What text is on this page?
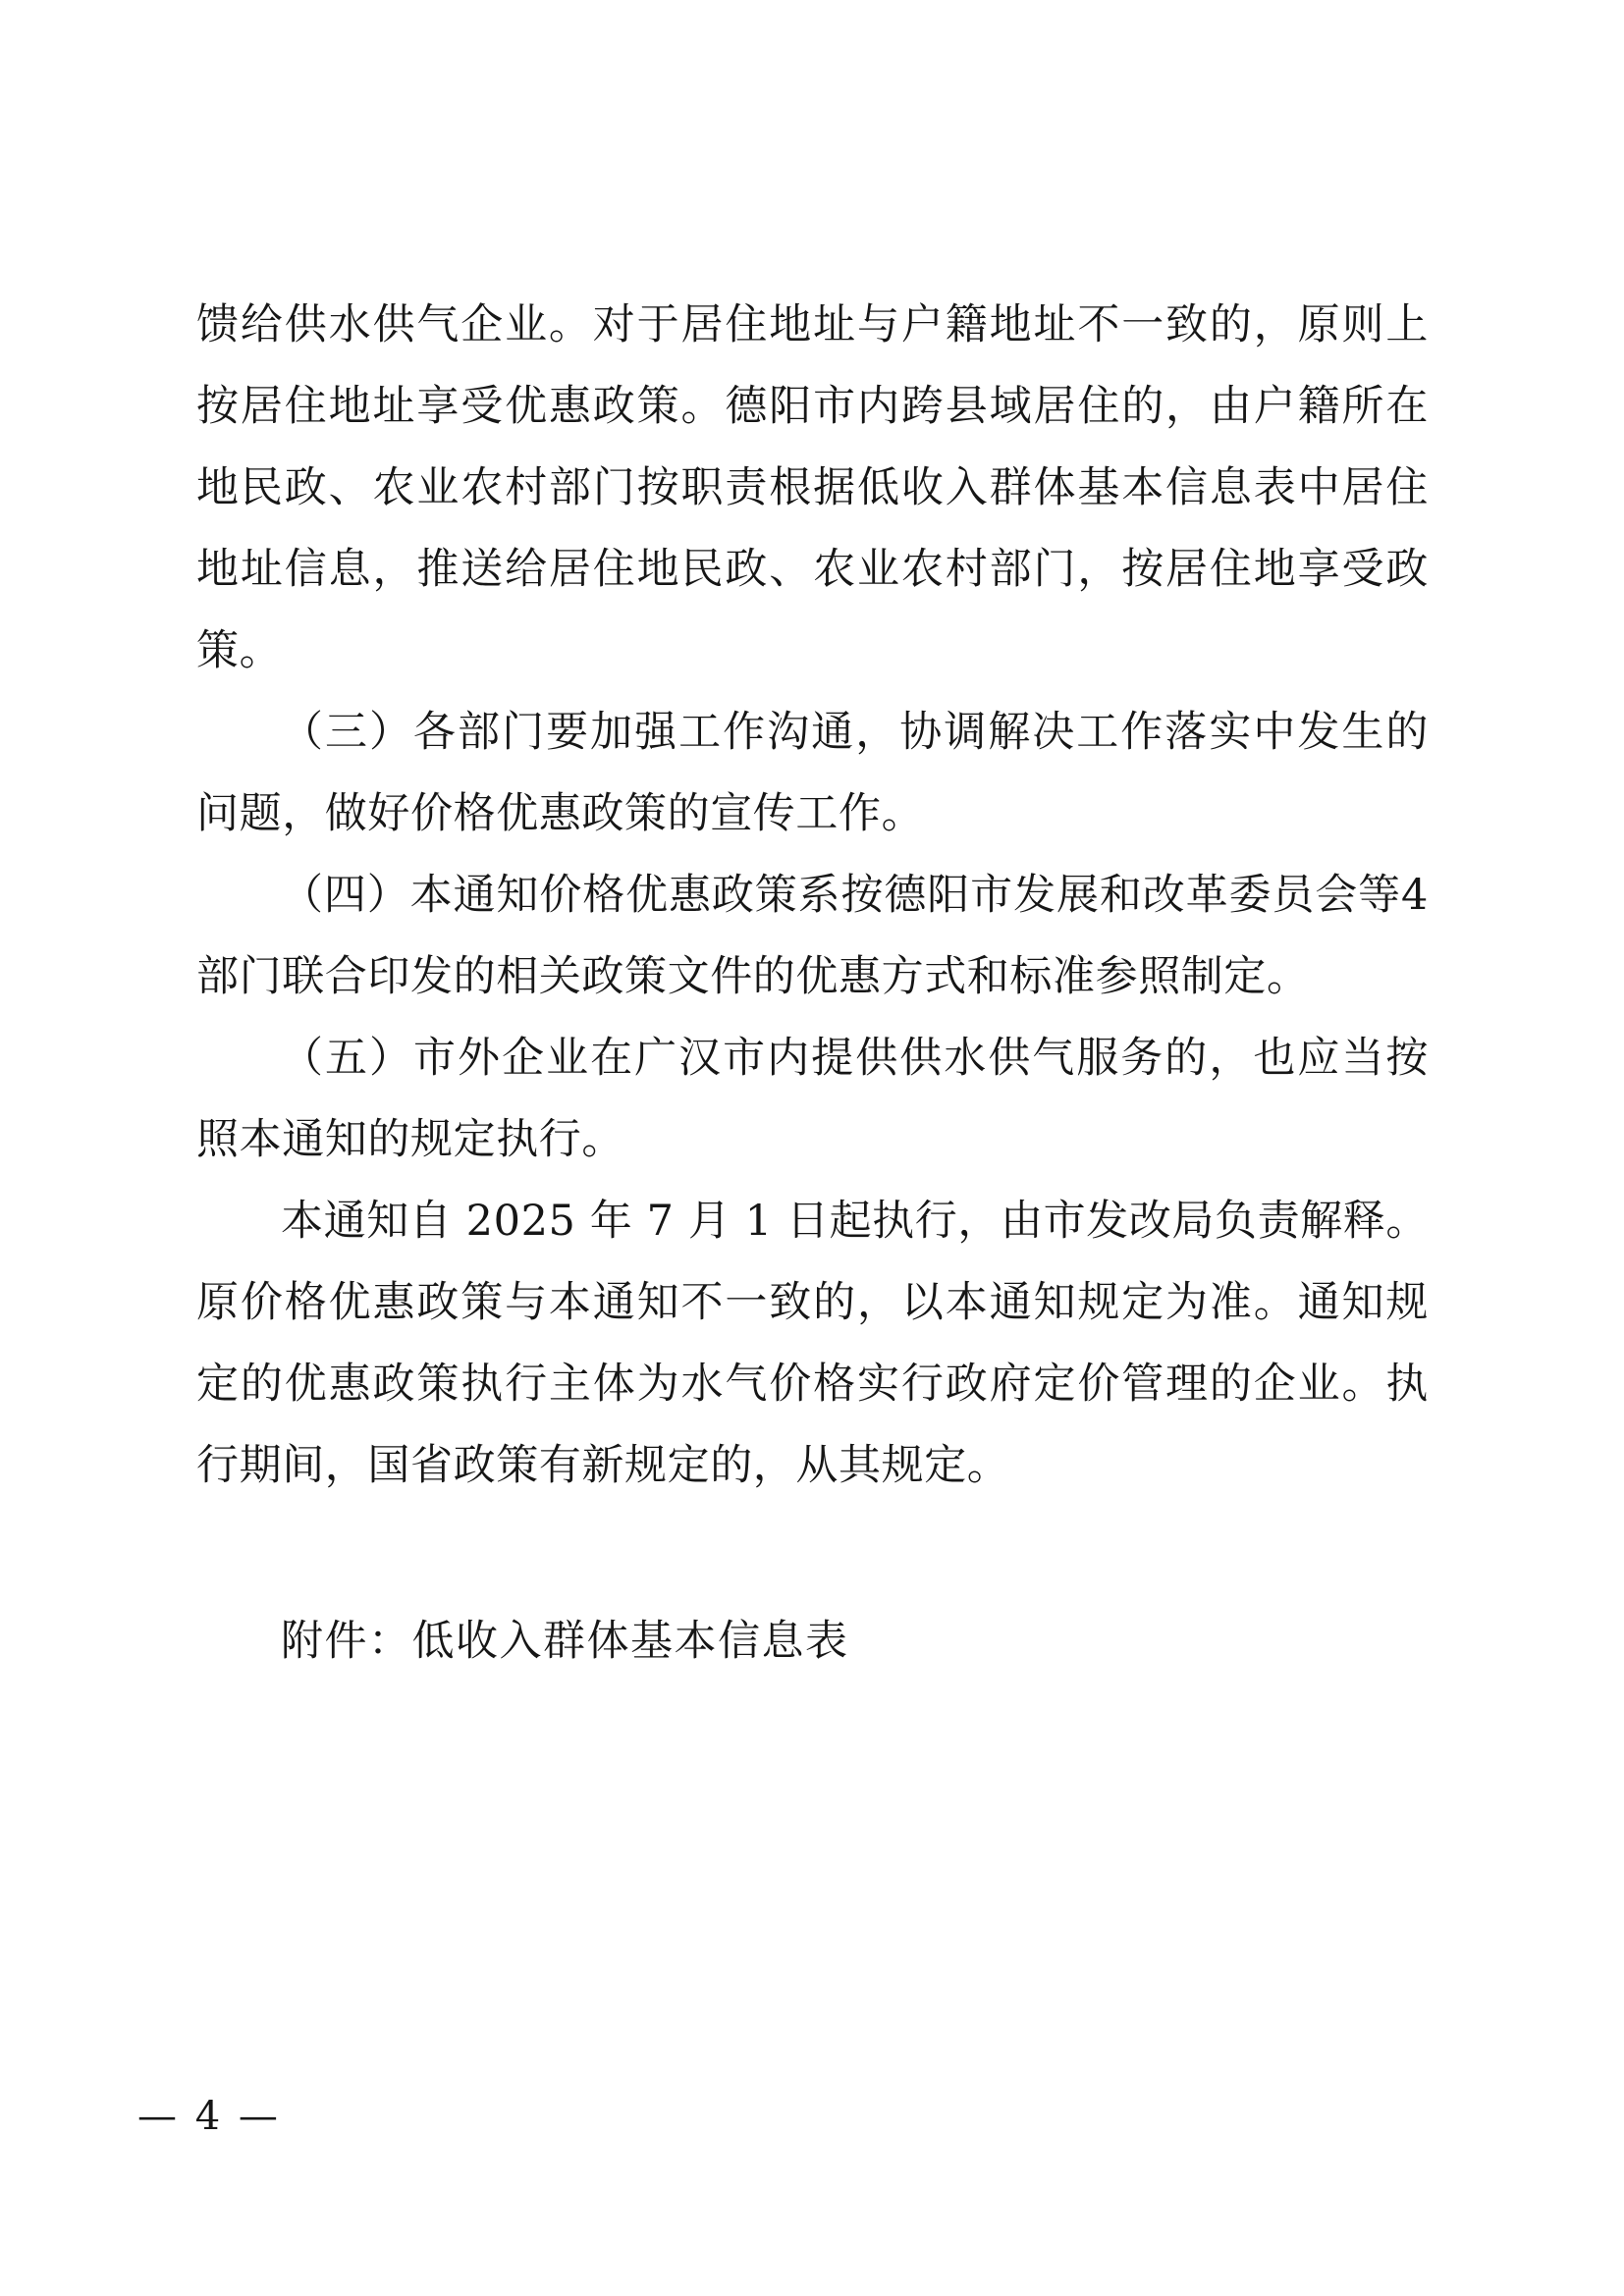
馈给供水供气企业。对于居住地址与户籍地址不一致的，原则上按居住地址享受优惠政策。德阳市内跨县域居住的，由户籍所在地民政、农业农村部门按职责根据低收入群体基本信息表中居住地址信息，推送给居住地民政、农业农村部门，按居住地享受政策。

（三）各部门要加强工作沟通，协调解决工作落实中发生的问题，做好价格优惠政策的宣传工作。

（四）本通知价格优惠政策系按德阳市发展和改革委员会等4 部门联合印发的相关政策文件的优惠方式和标准参照制定。

（五）市外企业在广汉市内提供供水供气服务的，也应当按照本通知的规定执行。

本通知自 2025 年 7 月 1 日起执行，由市发改局负责解释。原价格优惠政策与本通知不一致的，以本通知规定为准。通知规定的优惠政策执行主体为水气价格实行政府定价管理的企业。执行期间，国省政策有新规定的，从其规定。

附件：低收入群体基本信息表
— 4 —
